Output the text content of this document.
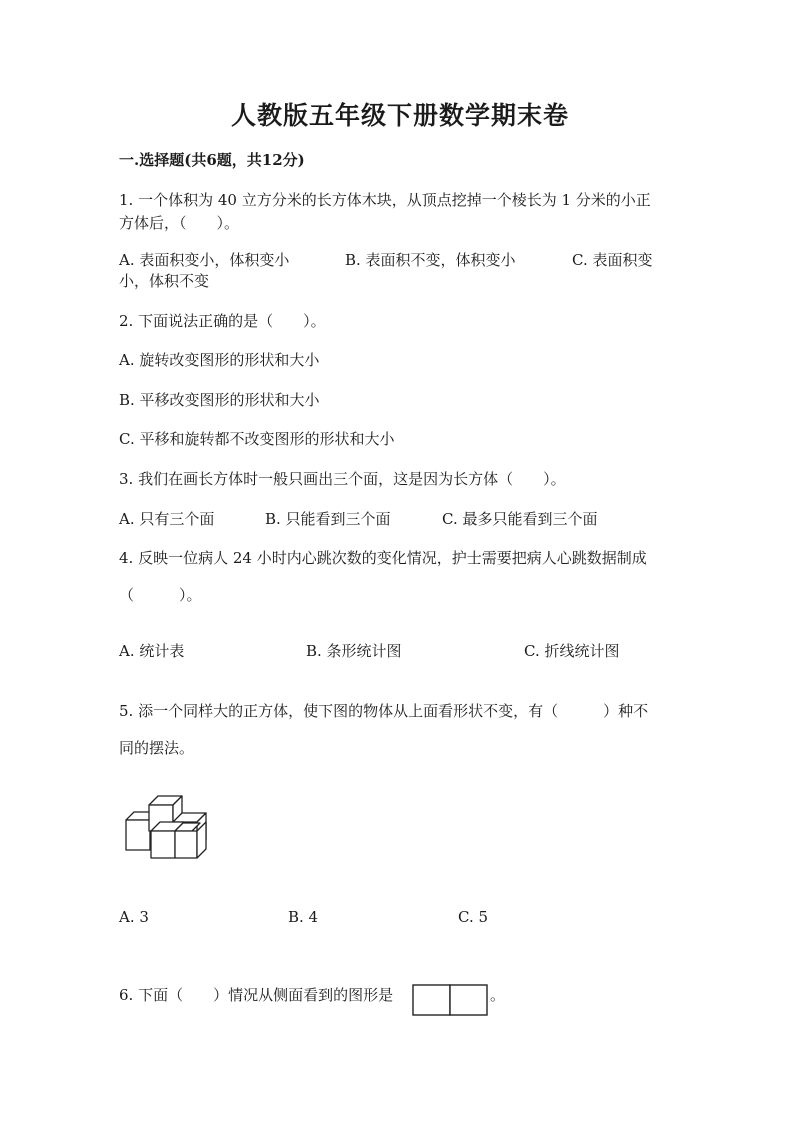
人教版五年级下册数学期末卷
一.选择题(共6题，共12分)
1. 一个体积为 40 立方分米的长方体木块，从顶点挖掉一个棱长为 1 分米的小正
方体后，（　　）。
A. 表面积变小，体积变小	B. 表面积不变，体积变小	C. 表面积变
小，体积不变
2. 下面说法正确的是（　　）。
A. 旋转改变图形的形状和大小
B. 平移改变图形的形状和大小
C. 平移和旋转都不改变图形的形状和大小
3. 我们在画长方体时一般只画出三个面，这是因为长方体（　　）。
A. 只有三个面	B. 只能看到三个面	C. 最多只能看到三个面
4. 反映一位病人 24 小时内心跳次数的变化情况，护士需要把病人心跳数据制成
（　　　）。
A. 统计表	B. 条形统计图	C. 折线统计图
5. 添一个同样大的正方体，使下图的物体从上面看形状不变，有（　　　）种不
同的摆法。
A. 3	B. 4	C. 5
6. 下面（　　）情况从侧面看到的图形是	。
